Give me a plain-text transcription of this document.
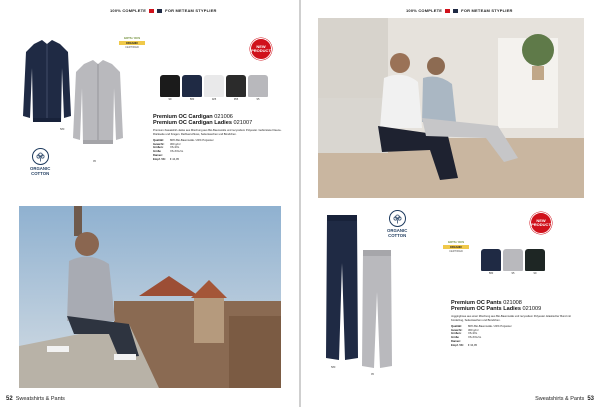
100% COMPLETE	FOR METEAM STYPLIER
580
95
GOTS / OCS
ORGANIC
CERTIFIED	NEW
PRODUCT
99	580	025	955	95
ORGANIC
COTTON
Premium OC Cardigan 021006
Premium OC Cardigan Ladies 021007
Premium-Sweatshirt-Jacke aus Mischung aus Bio-Baumwolle und recyceltem Polyester. Gebürstete Fleece-Rückseite und Kragen. Reißverschluss, Seitentaschen und Bündchen.
Qualität:	80% Bio-Baumwolle / 20% Polyester
Gewicht:	300 g/m²
Größen:	XS-3XL
Größe Damen:
XS-XXL/1L
Empf. VK:	€ 44,95
52 Sweatshirts & Pants
100% COMPLETE	FOR METEAM STYPLIER
ORGANIC
COTTON
NEW
PRODUCT
580
95
GOTS / OCS
ORGANIC
CERTIFIED
580	95	99
Premium OC Pants 021008
Premium OC Pants Ladies 021009
Jogginghose aus einer Mischung aus Bio-Baumwolle und recyceltem Polyester. Elastischer Bund mit Kordelzug, Seitentaschen und Bündchen.
Qualität:	80% Bio-Baumwolle / 20% Polyester
Gewicht:	300 g/m²
Größen:	XS-3XL
Größe Damen:
XS-XXL/1L
Empf. VK:	€ 34,95
Sweatshirts & Pants 53
